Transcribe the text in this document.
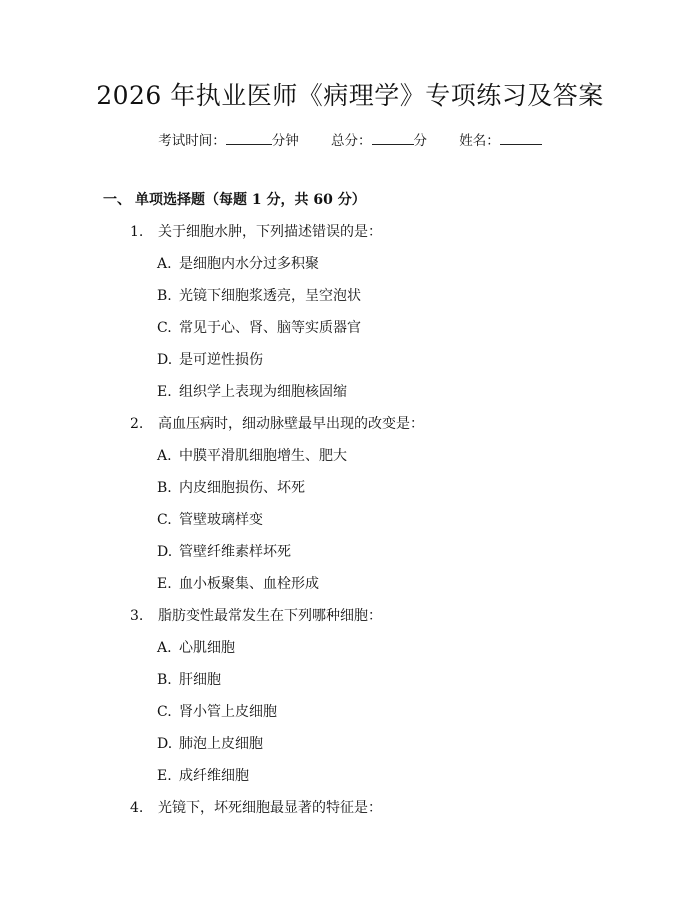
2026 年执业医师《病理学》专项练习及答案
考试时间：	分钟 总分：	分 姓名：
一、 单项选择题（每题 1 分，共 60 分）
1. 关于细胞水肿，下列描述错误的是：
A. 是细胞内水分过多积聚
B. 光镜下细胞浆透亮，呈空泡状
C. 常见于心、肾、脑等实质器官
D. 是可逆性损伤
E. 组织学上表现为细胞核固缩
2. 高血压病时，细动脉壁最早出现的改变是：
A. 中膜平滑肌细胞增生、肥大
B. 内皮细胞损伤、坏死
C. 管壁玻璃样变
D. 管壁纤维素样坏死
E. 血小板聚集、血栓形成
3. 脂肪变性最常发生在下列哪种细胞：
A. 心肌细胞
B. 肝细胞
C. 肾小管上皮细胞
D. 肺泡上皮细胞
E. 成纤维细胞
4. 光镜下，坏死细胞最显著的特征是：
